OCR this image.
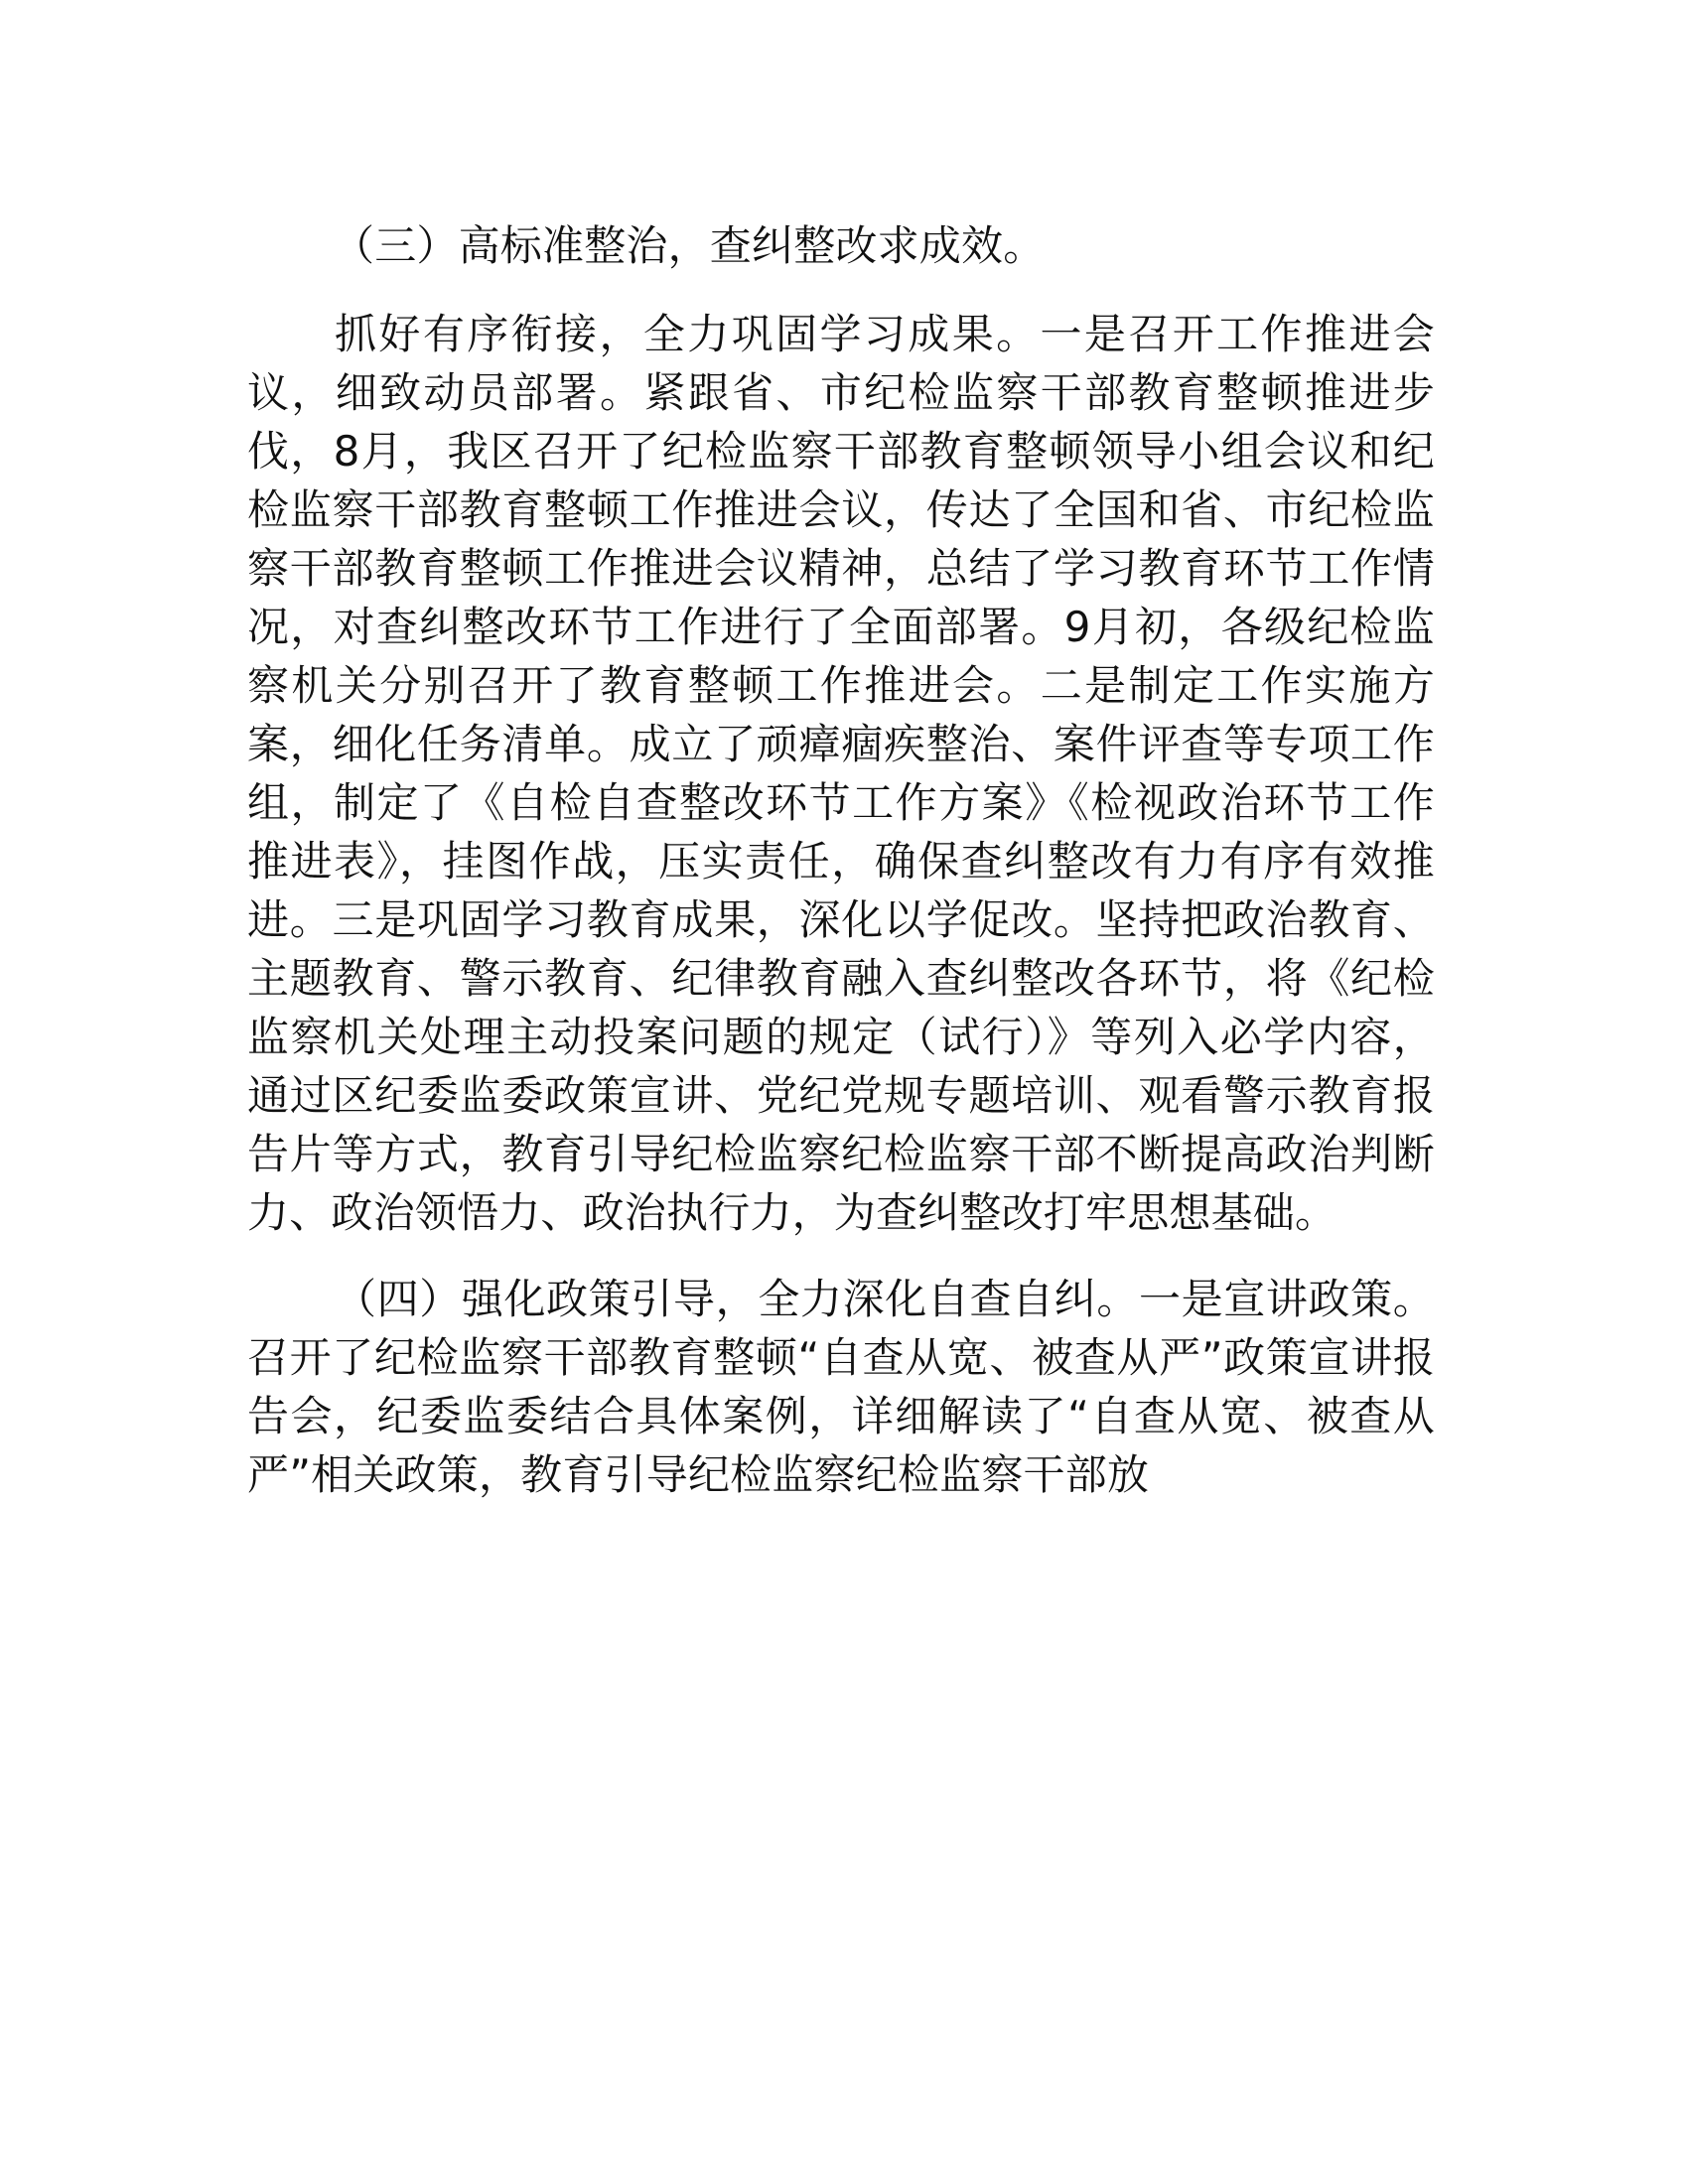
（三）高标准整治，查纠整改求成效。

抓好有序衔接，全力巩固学习成果。一是召开工作推进会议，细致动员部署。紧跟省、市纪检监察干部教育整顿推进步伐，8月，我区召开了纪检监察干部教育整顿领导小组会议和纪检监察干部教育整顿工作推进会议，传达了全国和省、市纪检监察干部教育整顿工作推进会议精神，总结了学习教育环节工作情况，对查纠整改环节工作进行了全面部署。9月初，各级纪检监察机关分别召开了教育整顿工作推进会。二是制定工作实施方案，细化任务清单。成立了顽瘴痼疾整治、案件评查等专项工作组，制定了《自检自查整改环节工作方案》《检视政治环节工作推进表》，挂图作战，压实责任，确保查纠整改有力有序有效推进。三是巩固学习教育成果，深化以学促改。坚持把政治教育、主题教育、警示教育、纪律教育融入查纠整改各环节，将《纪检监察机关处理主动投案问题的规定（试行）》等列入必学内容，通过区纪委监委政策宣讲、党纪党规专题培训、观看警示教育报告片等方式，教育引导纪检监察纪检监察干部不断提高政治判断力、政治领悟力、政治执行力，为查纠整改打牢思想基础。

（四）强化政策引导，全力深化自查自纠。一是宣讲政策。召开了纪检监察干部教育整顿“自查从宽、被查从严”政策宣讲报告会，纪委监委结合具体案例，详细解读了“自查从宽、被查从严”相关政策，教育引导纪检监察纪检监察干部放
